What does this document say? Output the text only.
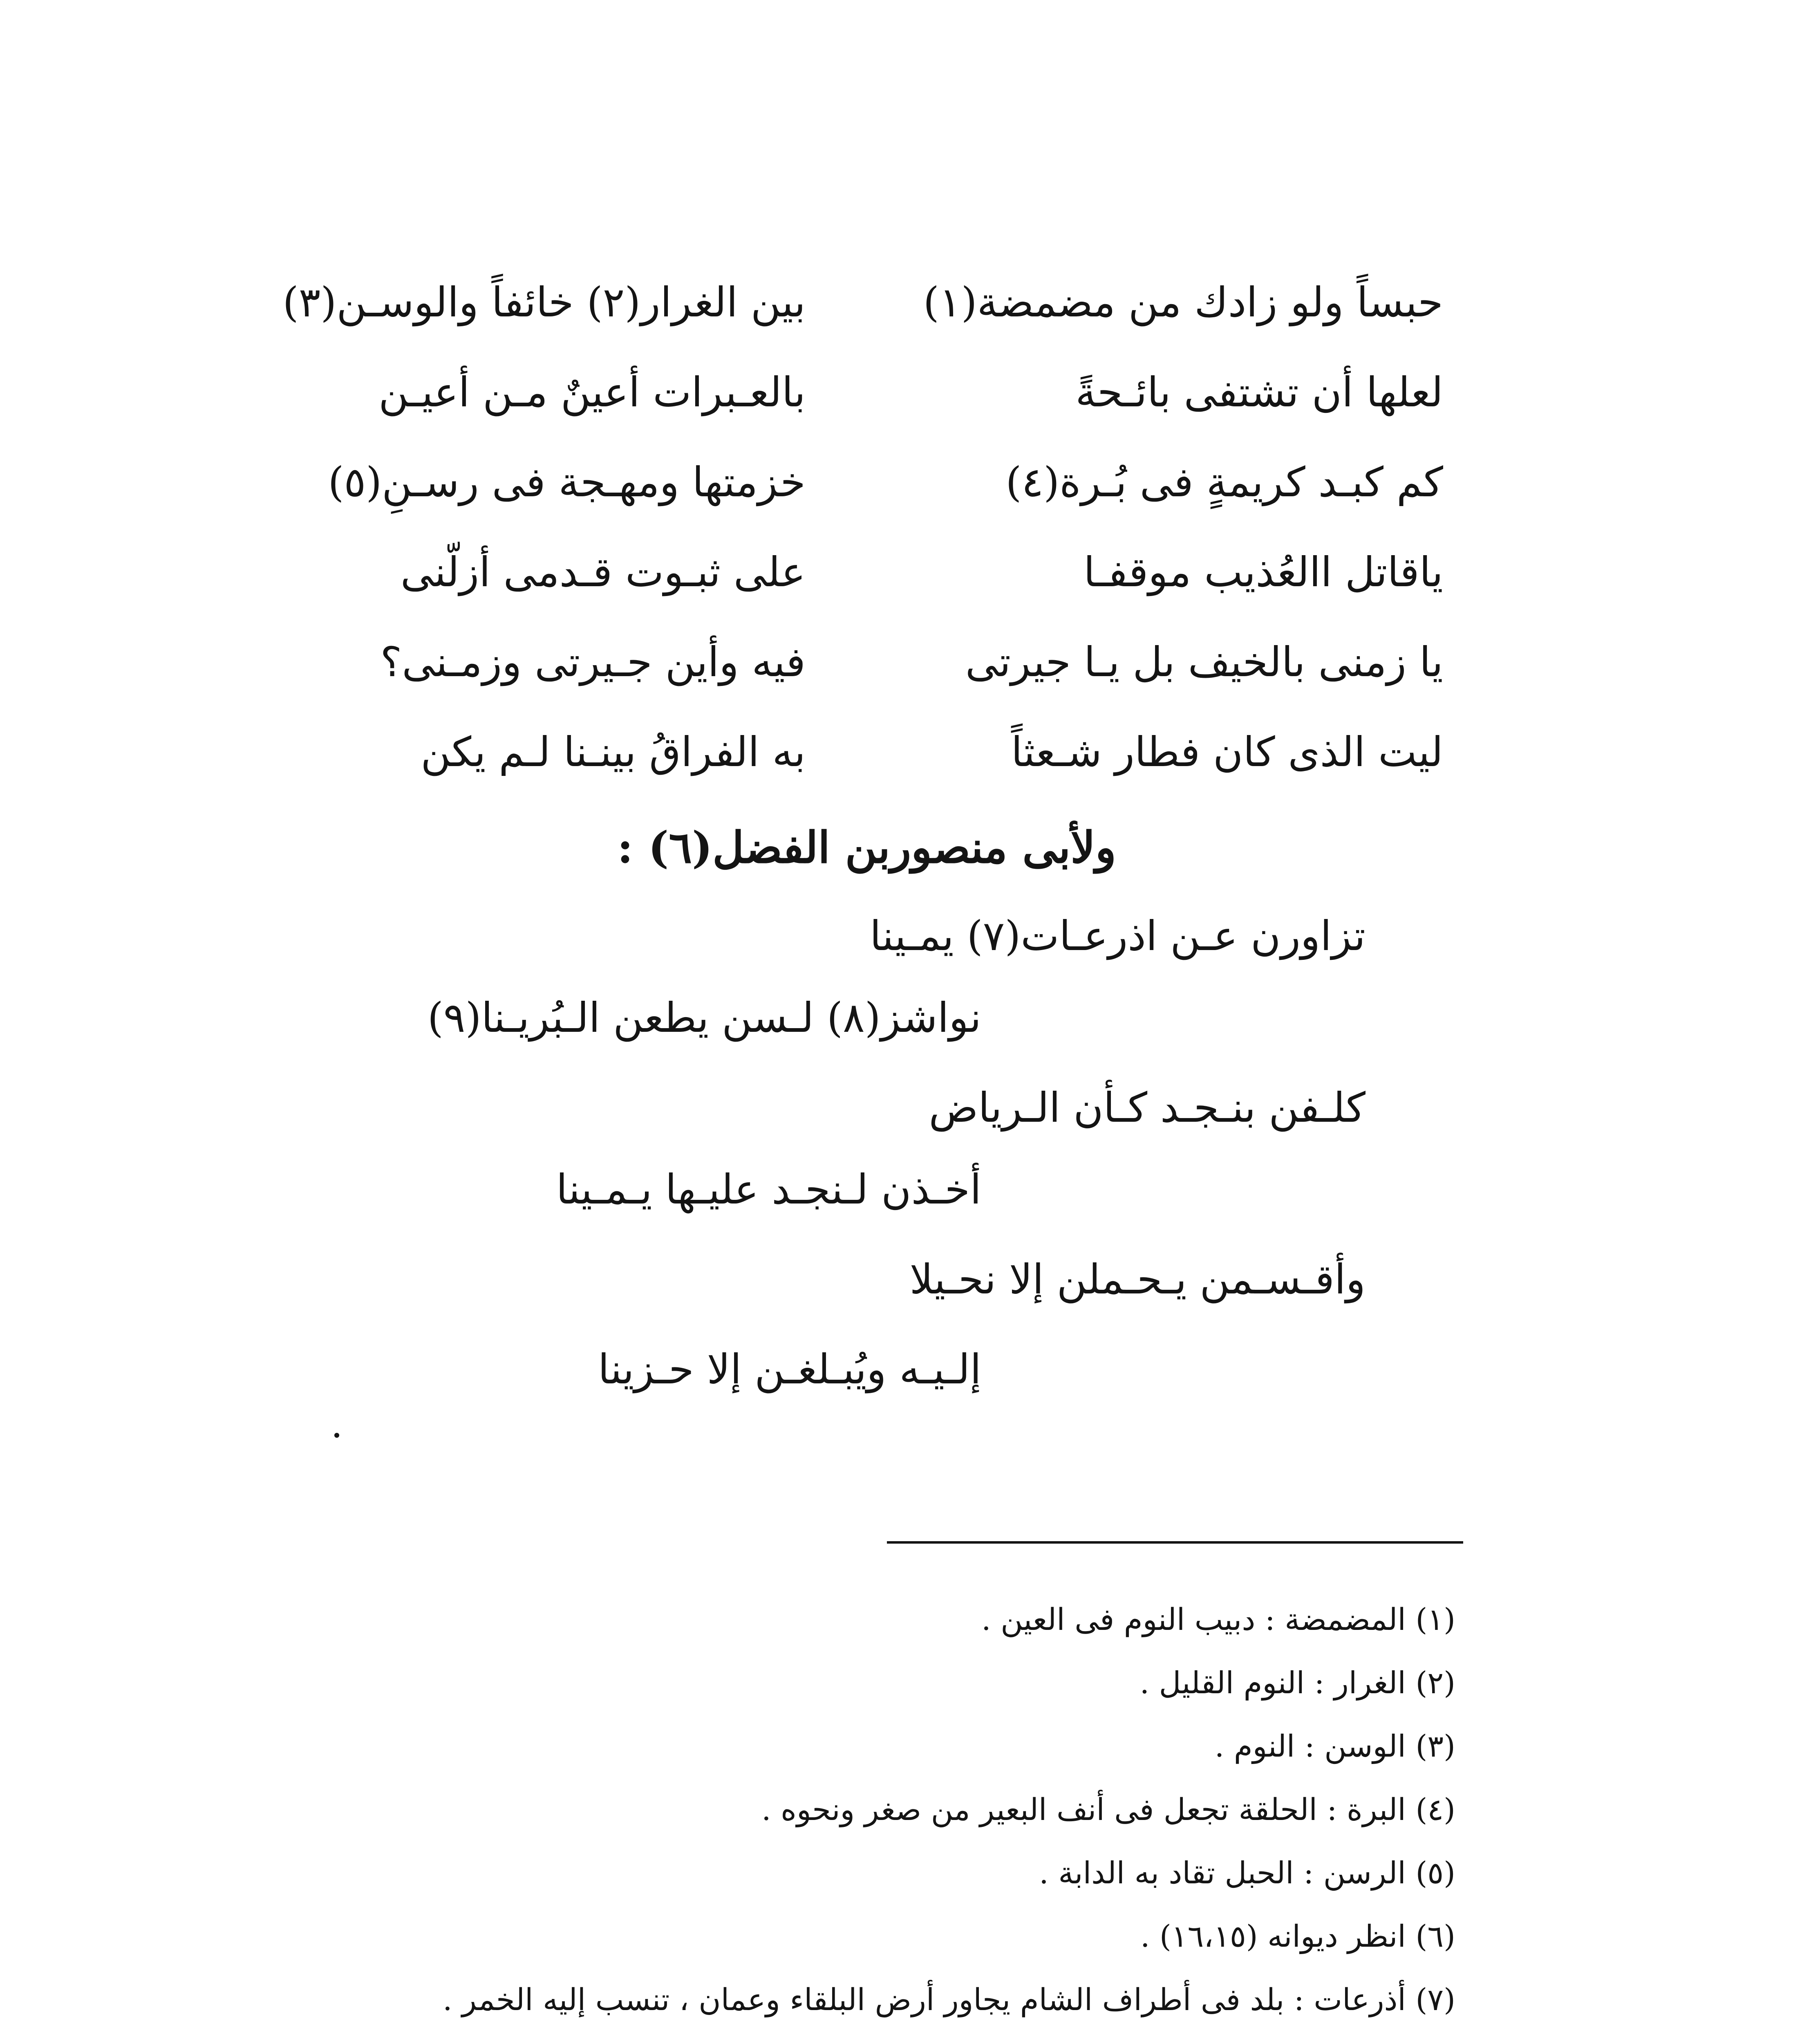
حبساً ولو زادك من مضمضة(١)
بين الغرار(٢) خائفاً والوسـن(٣)
لعلها أن تشتفى بائـحةً
بالعـبرات أعينٌ مـن أعيـن
كم كبـد كريمةٍ فى بُـرة(٤)
خزمتها ومهـجة فى رسـنِ(٥)
ياقاتل االعُذيب موقفـا
على ثبـوت قـدمى أزلّنى
يا زمنى بالخيف بل يـا جيرتى
فيه وأين جـيرتى وزمـنى؟
ليت الذى كان فطار شـعثاً
به الفراقُ بينـنا لـم يكن
ولأبى منصوربن الفضل(٦) :
تزاورن عـن اذرعـات(٧) يمـينا
نواشز(٨) لـسن يطعن الـبُريـنا(٩)
كلـفن بنـجـد كـأن الـرياض
أخـذن لـنجـد عليـها يـمـينا
وأقـسـمن يـحـملن إلا نحـيلا
إلـيـه ويُبـلغـن إلا حـزينا
(١) المضمضة : دبيب النوم فى العين .
(٢) الغرار : النوم القليل .
(٣) الوسن : النوم .
(٤) البرة : الحلقة تجعل فى أنف البعير من صغر ونحوه .
(٥) الرسن : الحبل تقاد به الدابة .
(٦) انظر ديوانه (١٦،١٥) .
(٧) أذرعات : بلد فى أطراف الشام يجاور أرض البلقاء وعمان ، تنسب إليه الخمر .
